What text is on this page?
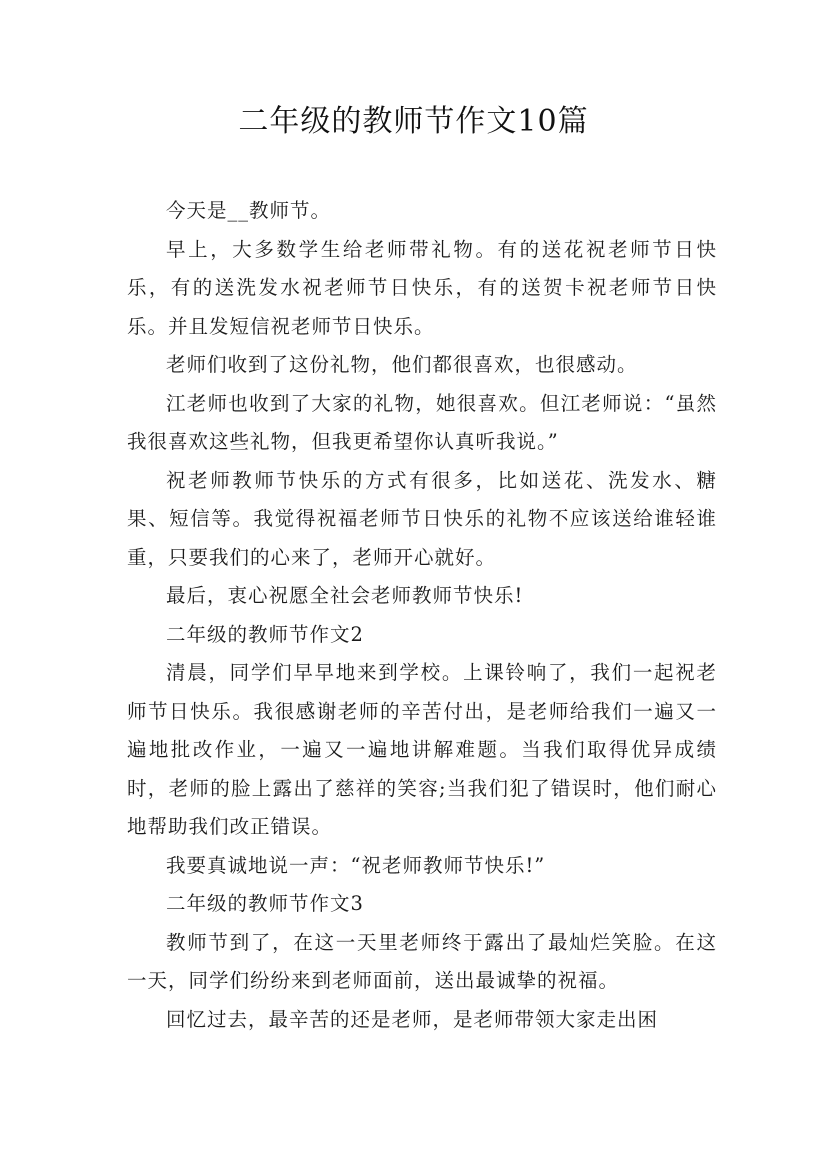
二年级的教师节作文10篇

今天是__教师节。

早上，大多数学生给老师带礼物。有的送花祝老师节日快乐，有的送洗发水祝老师节日快乐，有的送贺卡祝老师节日快乐。并且发短信祝老师节日快乐。

老师们收到了这份礼物，他们都很喜欢，也很感动。

江老师也收到了大家的礼物，她很喜欢。但江老师说：“虽然我很喜欢这些礼物，但我更希望你认真听我说。”

祝老师教师节快乐的方式有很多，比如送花、洗发水、糖果、短信等。我觉得祝福老师节日快乐的礼物不应该送给谁轻谁重，只要我们的心来了，老师开心就好。

最后，衷心祝愿全社会老师教师节快乐!

二年级的教师节作文2

清晨，同学们早早地来到学校。上课铃响了，我们一起祝老师节日快乐。我很感谢老师的辛苦付出，是老师给我们一遍又一遍地批改作业，一遍又一遍地讲解难题。当我们取得优异成绩时，老师的脸上露出了慈祥的笑容;当我们犯了错误时，他们耐心地帮助我们改正错误。

我要真诚地说一声：“祝老师教师节快乐!”

二年级的教师节作文3

教师节到了，在这一天里老师终于露出了最灿烂笑脸。在这一天，同学们纷纷来到老师面前，送出最诚挚的祝福。

回忆过去，最辛苦的还是老师，是老师带领大家走出困
